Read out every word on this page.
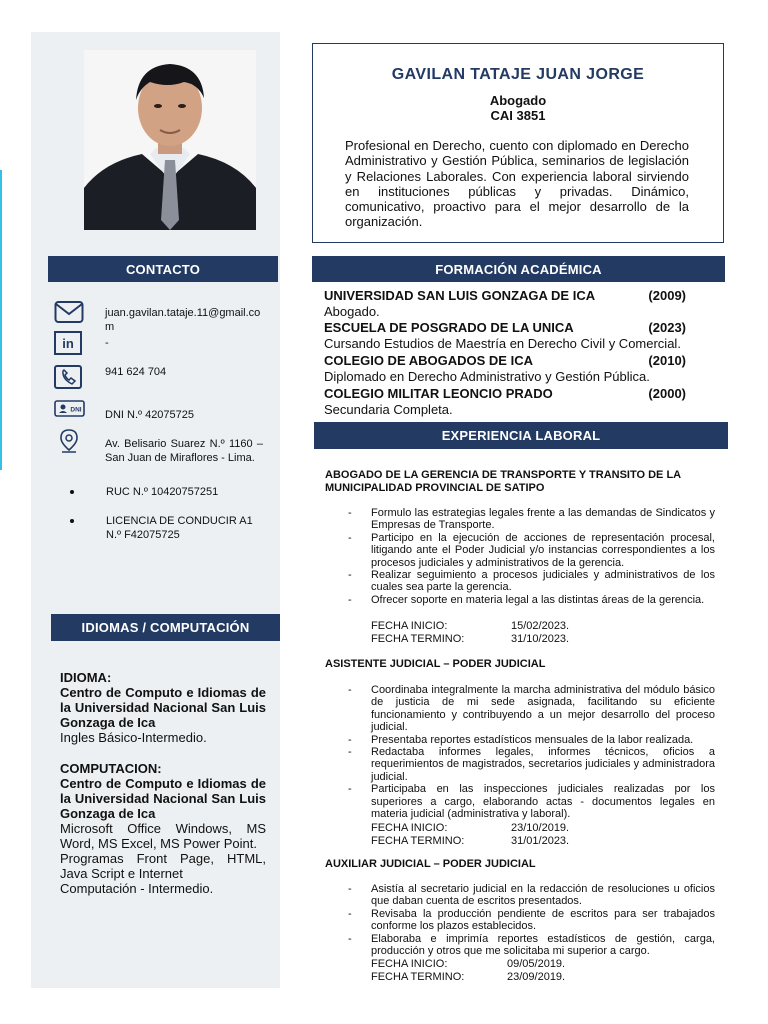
GAVILAN TATAJE JUAN JORGE
Abogado
CAI 3851
Profesional en Derecho, cuento con diplomado en Derecho Administrativo y Gestión Pública, seminarios de legislación y Relaciones Laborales. Con experiencia laboral sirviendo en instituciones públicas y privadas. Dinámico, comunicativo, proactivo para el mejor desarrollo de la organización.
CONTACTO
juan.gavilan.tataje.11@gmail.com
in	-
941 624 704
DNI DNI N.º 42075725
Av. Belisario Suarez N.º 1160 – San Juan de Miraflores - Lima.
RUC N.º 10420757251
LICENCIA DE CONDUCIR A1 N.º F42075725
IDIOMAS / COMPUTACIÓN
IDIOMA:
Centro de Computo e Idiomas de la Universidad Nacional San Luis Gonzaga de Ica
Ingles Básico-Intermedio.
COMPUTACION:
Centro de Computo e Idiomas de la Universidad Nacional San Luis Gonzaga de Ica
Microsoft Office Windows, MS Word, MS Excel, MS Power Point.
Programas Front Page, HTML, Java Script e Internet
Computación - Intermedio.
FORMACIÓN ACADÉMICA
UNIVERSIDAD SAN LUIS GONZAGA DE ICA	(2009)
Abogado.
ESCUELA DE POSGRADO DE LA UNICA	(2023)
Cursando Estudios de Maestría en Derecho Civil y Comercial.
COLEGIO DE ABOGADOS DE ICA	(2010)
Diplomado en Derecho Administrativo y Gestión Pública.
COLEGIO MILITAR LEONCIO PRADO	(2000)
Secundaria Completa.
EXPERIENCIA LABORAL
ABOGADO DE LA GERENCIA DE TRANSPORTE Y TRANSITO DE LA MUNICIPALIDAD PROVINCIAL DE SATIPO
- Formulo las estrategias legales frente a las demandas de Sindicatos y Empresas de Transporte.
- Participo en la ejecución de acciones de representación procesal, litigando ante el Poder Judicial y/o instancias correspondientes a los procesos judiciales y administrativos de la gerencia.
- Realizar seguimiento a procesos judiciales y administrativos de los cuales sea parte la gerencia.
- Ofrecer soporte en materia legal a las distintas áreas de la gerencia.
FECHA INICIO:	15/02/2023.
FECHA TERMINO:	31/10/2023.
ASISTENTE JUDICIAL – PODER JUDICIAL
- Coordinaba integralmente la marcha administrativa del módulo básico de justicia de mi sede asignada, facilitando su eficiente funcionamiento y contribuyendo a un mejor desarrollo del proceso judicial.
- Presentaba reportes estadísticos mensuales de la labor realizada.
- Redactaba informes legales, informes técnicos, oficios a requerimientos de magistrados, secretarios judiciales y administradora judicial.
- Participaba en las inspecciones judiciales realizadas por los superiores a cargo, elaborando actas - documentos legales en materia judicial (administrativa y laboral).
FECHA INICIO:	23/10/2019.
FECHA TERMINO:	31/01/2023.
AUXILIAR JUDICIAL – PODER JUDICIAL
- Asistía al secretario judicial en la redacción de resoluciones u oficios que daban cuenta de escritos presentados.
- Revisaba la producción pendiente de escritos para ser trabajados conforme los plazos establecidos.
- Elaboraba e imprimía reportes estadísticos de gestión, carga, producción y otros que me solicitaba mi superior a cargo.
FECHA INICIO:	09/05/2019.
FECHA TERMINO:	23/09/2019.
